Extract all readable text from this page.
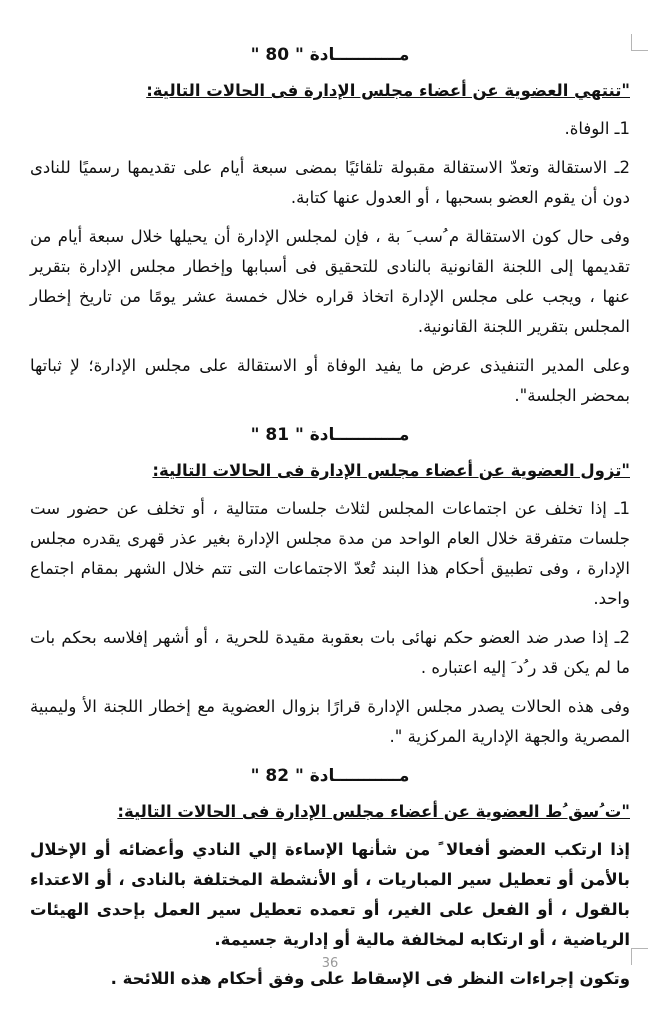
مـــــــــــادة " 80 "
"تنتهي العضوية عن أعضاء مجلس الإدارة فى الحالات التالية:

1ـ الوفاة.

2ـ الاستقالة وتعدّ الاستقالة مقبولة تلقائيًا بمضى سبعة أيام على تقديمها رسميًا للنادى دون أن يقوم العضو بسحبها ، أو العدول عنها كتابة.

وفى حال كون الاستقالة م ُسب َ بة ، فإن لمجلس الإدارة أن يحيلها خلال سبعة أيام من تقديمها إلى اللجنة القانونية بالنادى للتحقيق فى أسبابها وإخطار مجلس الإدارة بتقرير عنها ، ويجب على مجلس الإدارة اتخاذ قراره خلال خمسة عشر يومًا من تاريخ إخطار المجلس بتقرير اللجنة القانونية.

وعلى المدير التنفيذى عرض ما يفيد الوفاة أو الاستقالة على مجلس الإدارة؛ لإ ثباتها بمحضر الجلسة".

مـــــــــــادة " 81 "
"تزول العضوية عن أعضاء مجلس الإدارة فى الحالات التالية:

1ـ إذا تخلف عن اجتماعات المجلس لثلاث جلسات متتالية ، أو تخلف عن حضور ست جلسات متفرقة خلال العام الواحد من مدة مجلس الإدارة بغير عذر قهرى يقدره مجلس الإدارة ، وفى تطبيق أحكام هذا البند تُعدّ الاجتماعات التى تتم خلال الشهر بمقام اجتماع واحد.

2ـ إذا صدر ضد العضو حكم نهائى بات بعقوبة مقيدة للحرية ، أو أشهر إفلاسه بحكم بات ما لم يكن قد ر ُد َ إليه اعتباره .

وفى هذه الحالات يصدر مجلس الإدارة قرارًا بزوال العضوية مع إخطار اللجنة الأ وليمبية المصرية والجهة الإدارية المركزية ".

مـــــــــــادة " 82 "
"ت ُسق ُط العضوية عن أعضاء مجلس الإدارة فى الحالات التالية:

إذا ارتكب العضو أفعالا ً من شأنها الإساءة إلي النادي وأعضائه أو الإخلال بالأمن أو تعطيل سير المباريات ، أو الأنشطة المختلفة بالنادى ، أو الاعتداء بالقول ، أو الفعل على الغير، أو تعمده تعطيل سير العمل بإحدى الهيئات الرياضية ، أو ارتكابه لمخالفة مالية أو إدارية جسيمة.

وتكون إجراءات النظر فى الإسقاط على وفق أحكام هذه اللائحة .

36
